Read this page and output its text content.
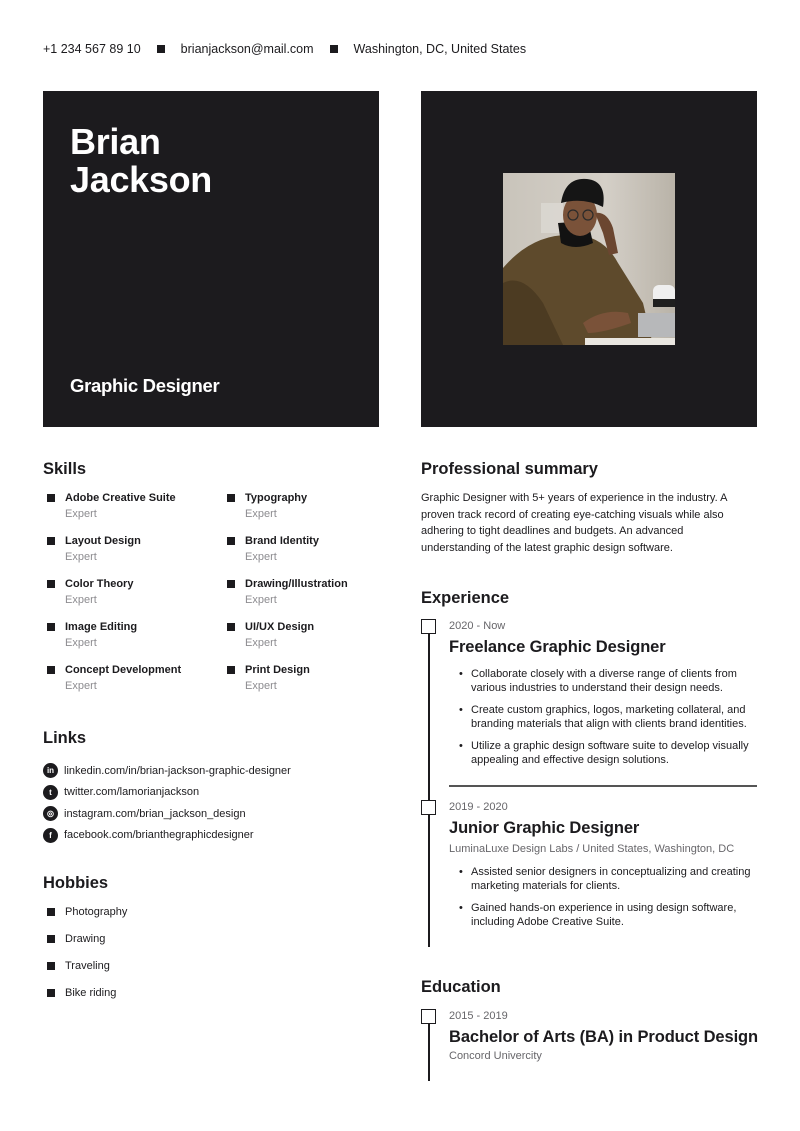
+1 234 567 89 10	brianjackson@mail.com	Washington, DC, United States
Brian
Jackson
Graphic Designer
Skills
Adobe Creative Suite
Expert
Typography
Expert
Layout Design
Expert
Brand Identity
Expert
Color Theory
Expert
Drawing/Illustration
Expert
Image Editing
Expert
UI/UX Design
Expert
Concept Development
Expert
Print Design
Expert
Links
in linkedin.com/in/brian-jackson-graphic-designer
t	twitter.com/lamorianjackson
◎ instagram.com/brian_jackson_design
f	facebook.com/brianthegraphicdesigner
Hobbies
Photography
Drawing
Traveling
Bike riding
Professional summary
Graphic Designer with 5+ years of experience in the industry. A proven track record of creating eye-catching visuals while also adhering to tight deadlines and budgets. An advanced understanding of the latest graphic design software.
Experience
2020 - Now
Freelance Graphic Designer
• Collaborate closely with a diverse range of clients from various industries to understand their design needs.
• Create custom graphics, logos, marketing collateral, and branding materials that align with clients brand identities.
• Utilize a graphic design software suite to develop visually appealing and effective design solutions.
2019 - 2020
Junior Graphic Designer
LuminaLuxe Design Labs / United States, Washington, DC
• Assisted senior designers in conceptualizing and creating marketing materials for clients.
• Gained hands-on experience in using design software, including Adobe Creative Suite.
Education
2015 - 2019
Bachelor of Arts (BA) in Product Design
Concord Univercity
